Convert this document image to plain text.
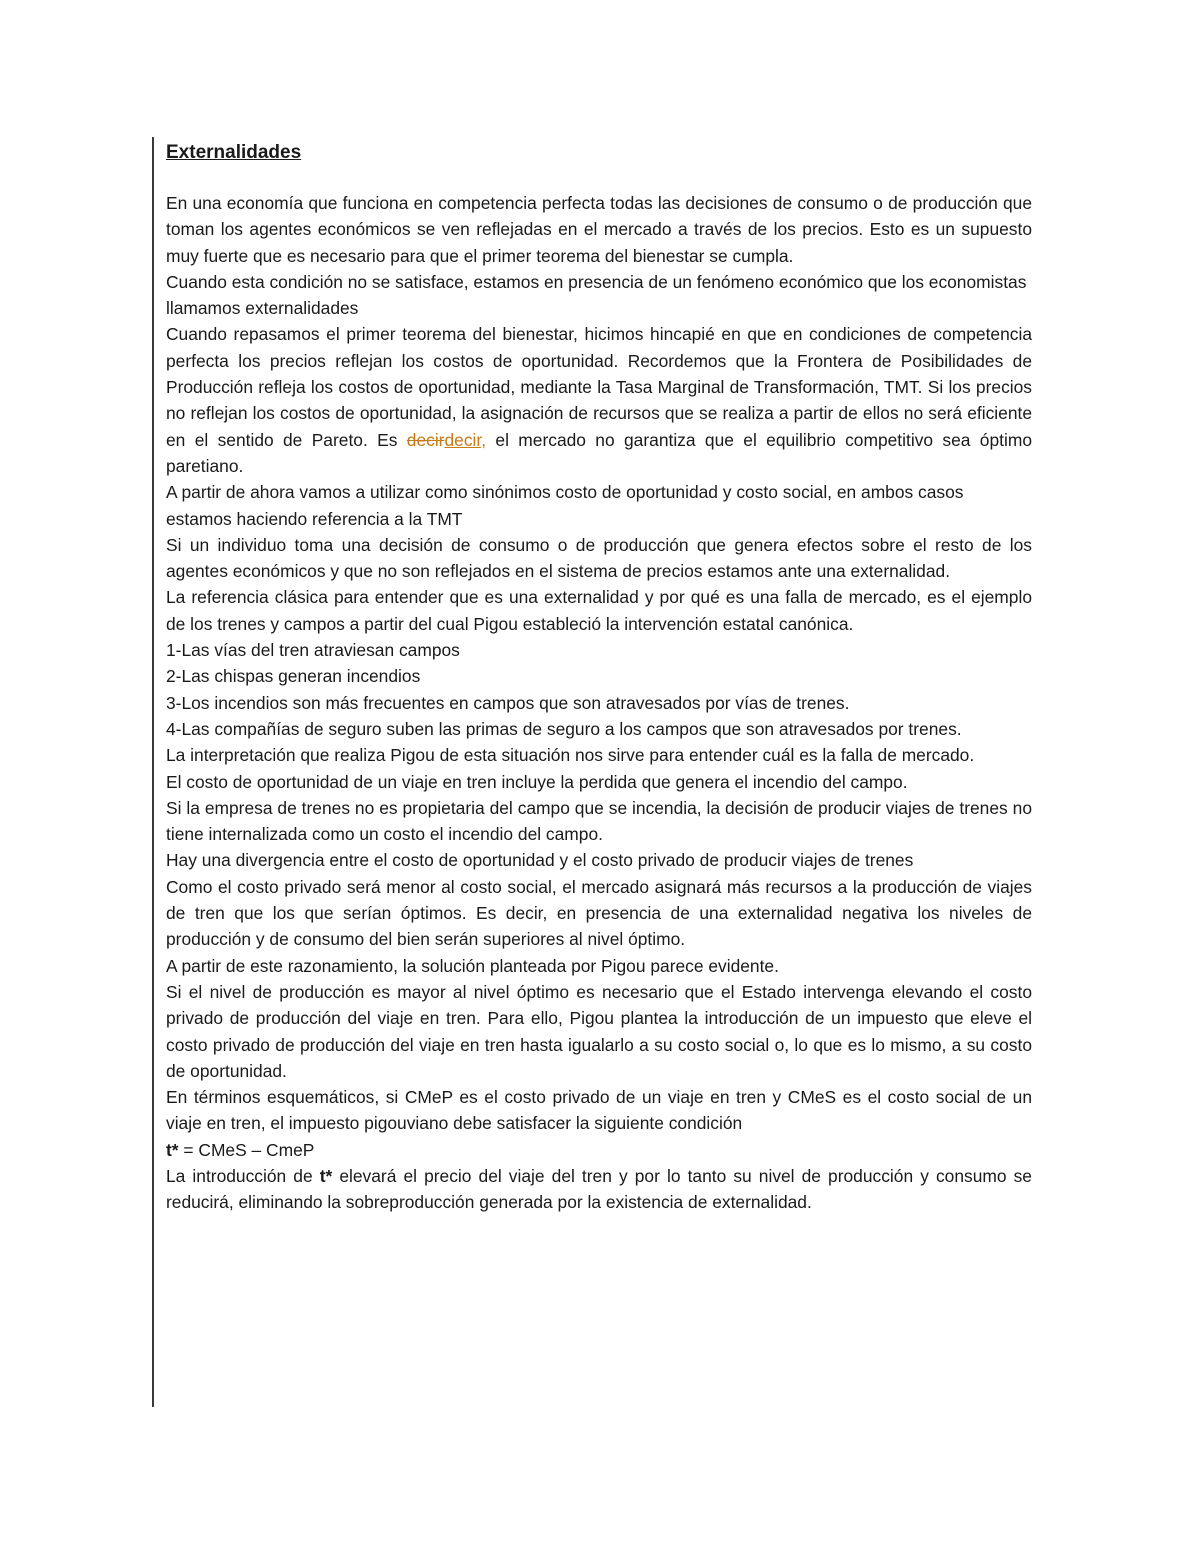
Externalidades

En una economía que funciona en competencia perfecta todas las decisiones de consumo o de producción que toman los agentes económicos se ven reflejadas en el mercado a través de los precios. Esto es un supuesto muy fuerte que es necesario para que el primer teorema del bienestar se cumpla.

Cuando esta condición no se satisface, estamos en presencia de un fenómeno económico que los economistas llamamos externalidades

Cuando repasamos el primer teorema del bienestar, hicimos hincapié en que en condiciones de competencia perfecta los precios reflejan los costos de oportunidad. Recordemos que la Frontera de Posibilidades de Producción refleja los costos de oportunidad, mediante la Tasa Marginal de Transformación, TMT. Si los precios no reflejan los costos de oportunidad, la asignación de recursos que se realiza a partir de ellos no será eficiente en el sentido de Pareto. Es decirdecir, el mercado no garantiza que el equilibrio competitivo sea óptimo paretiano.

A partir de ahora vamos a utilizar como sinónimos costo de oportunidad y costo social, en ambos casos estamos haciendo referencia a la TMT

Si un individuo toma una decisión de consumo o de producción que genera efectos sobre el resto de los agentes económicos y que no son reflejados en el sistema de precios estamos ante una externalidad.

La referencia clásica para entender que es una externalidad y por qué es una falla de mercado, es el ejemplo de los trenes y campos a partir del cual Pigou estableció la intervención estatal canónica.

1-Las vías del tren atraviesan campos

2-Las chispas generan incendios

3-Los incendios son más frecuentes en campos que son atravesados por vías de trenes.

4-Las compañías de seguro suben las primas de seguro a los campos que son atravesados por trenes.

La interpretación que realiza Pigou de esta situación nos sirve para entender cuál es la falla de mercado.

El costo de oportunidad de un viaje en tren incluye la perdida que genera el incendio del campo.

Si la empresa de trenes no es propietaria del campo que se incendia, la decisión de producir viajes de trenes no tiene internalizada como un costo el incendio del campo.

Hay una divergencia entre el costo de oportunidad y el costo privado de producir viajes de trenes

Como el costo privado será menor al costo social, el mercado asignará más recursos a la producción de viajes de tren que los que serían óptimos. Es decir, en presencia de una externalidad negativa los niveles de producción y de consumo del bien serán superiores al nivel óptimo.

A partir de este razonamiento, la solución planteada por Pigou parece evidente.

Si el nivel de producción es mayor al nivel óptimo es necesario que el Estado intervenga elevando el costo privado de producción del viaje en tren. Para ello, Pigou plantea la introducción de un impuesto que eleve el costo privado de producción del viaje en tren hasta igualarlo a su costo social o, lo que es lo mismo, a su costo de oportunidad.

En términos esquemáticos, si CMeP es el costo privado de un viaje en tren y CMeS es el costo social de un viaje en tren, el impuesto pigouviano debe satisfacer la siguiente condición

t* = CMeS – CmeP

La introducción de t* elevará el precio del viaje del tren y por lo tanto su nivel de producción y consumo se reducirá, eliminando la sobreproducción generada por la existencia de externalidad.
